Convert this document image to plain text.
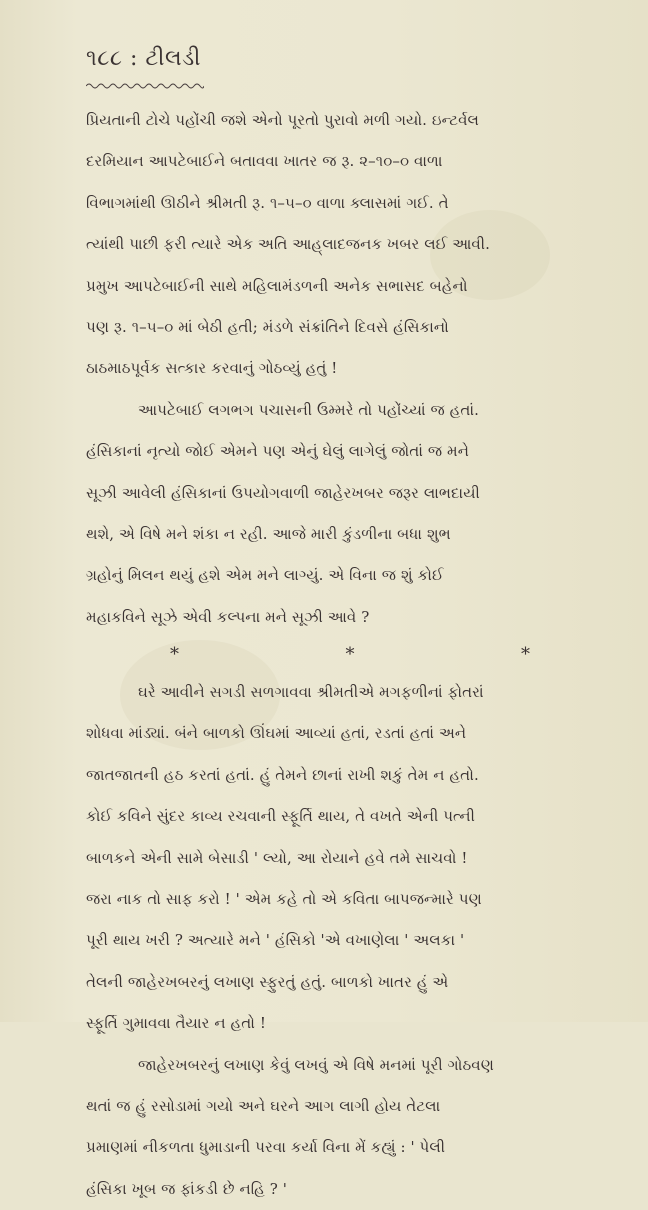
૧૮૮ : ટીલડી
પ્રિયતાની ટોચે પહોંચી જશે એનો પૂરતો પુરાવો મળી ગયો. ઇન્ટર્વલ
દરમિયાન આપટેબાઈને બતાવવા ખાતર જ રૂ. ૨–૧૦–૦ વાળા
વિભાગમાંથી ઊઠીને શ્રીમતી રૂ. ૧–૫–૦ વાળા ક્લાસમાં ગઈ. તે
ત્યાંથી પાછી ફરી ત્યારે એક અતિ આહ્‌લાદજનક ખબર લઈ આવી.
પ્રમુખ આપટેબાઈની સાથે મહિલામંડળની અનેક સભાસદ બહેનો
પણ રૂ. ૧–૫–૦ માં બેઠી હતી; મંડળે સંક્રાંતિને દિવસે હંસિકાનો
ઠાઠમાઠપૂર્વક સત્કાર કરવાનું ગોઠવ્યું હતું !
આપટેબાઈ લગભગ પચાસની ઉમ્મરે તો પહોંચ્યાં જ હતાં.
હંસિકાનાં નૃત્યો જોઈ એમને પણ એનું ઘેલું લાગેલું જોતાં જ મને
સૂઝી આવેલી હંસિકાનાં ઉપયોગવાળી જાહેરખબર જરૂર લાભદાયી
થશે, એ વિષે મને શંકા ન રહી. આજે મારી કુંડળીના બધા શુભ
ગ્રહોનું મિલન થયું હશે એમ મને લાગ્યું. એ વિના જ શું કોઈ
મહાકવિને સૂઝે એવી કલ્પના મને સૂઝી આવે ?
*	*	*
ઘરે આવીને સગડી સળગાવવા શ્રીમતીએ મગફળીનાં ફોતરાં
શોધવા માંડ્યાં. બંને બાળકો ઊંઘમાં આવ્યાં હતાં, રડતાં હતાં અને
જાતજાતની હઠ કરતાં હતાં. હું તેમને છાનાં રાખી શકું તેમ ન હતો.
કોઈ કવિને સુંદર કાવ્ય રચવાની સ્ફૂર્તિ થાય, તે વખતે એની પત્ની
બાળકને એની સામે બેસાડી ' લ્યો, આ રોયાને હવે તમે સાચવો !
જરા નાક તો સાફ કરો ! ' એમ કહે તો એ કવિતા બાપજન્મારે પણ
પૂરી થાય ખરી ? અત્યારે મને ' હંસિકો 'એ વખાણેલા ' અલકા '
તેલની જાહેરખબરનું લખાણ સ્ફુરતું હતું. બાળકો ખાતર હું એ
સ્ફૂર્તિ ગુમાવવા તૈયાર ન હતો !
જાહેરખબરનું લખાણ કેવું લખવું એ વિષે મનમાં પૂરી ગોઠવણ
થતાં જ હું રસોડામાં ગયો અને ઘરને આગ લાગી હોય તેટલા
પ્રમાણમાં નીકળતા ધુમાડાની પરવા કર્યા વિના મેં કહ્યું : ' પેલી
હંસિકા ખૂબ જ ફાંકડી છે નહિ ? '
